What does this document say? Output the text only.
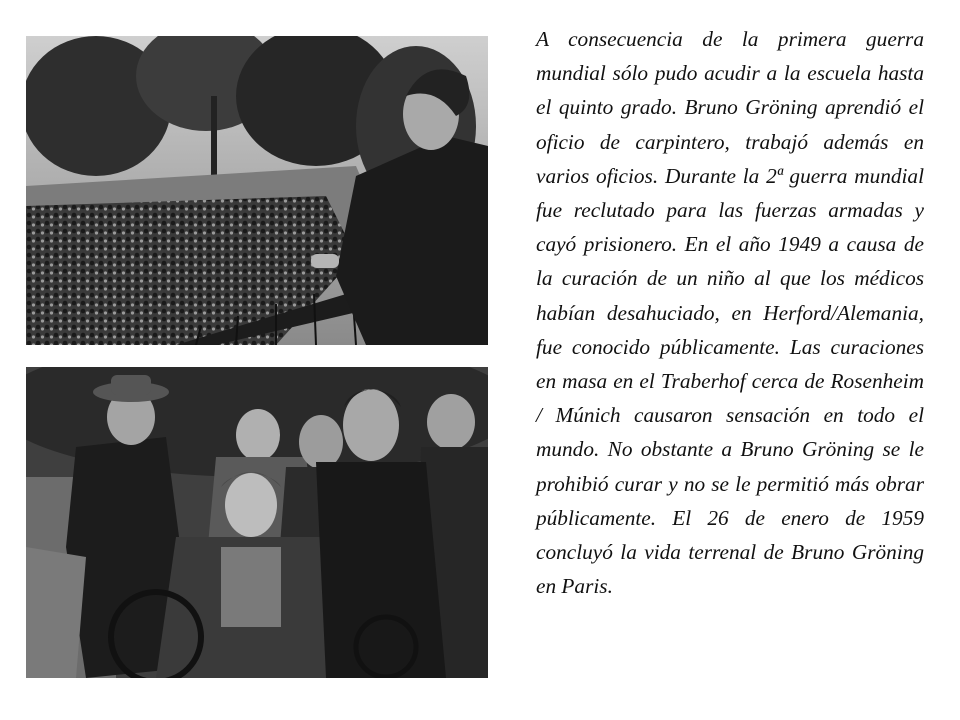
A consecuencia de la primera guerra mundial sólo pudo acudir a la escuela hasta el quinto grado. Bruno Gröning aprendió el oficio de carpintero, trabajó además en varios oficios. Durante la 2ª guerra mundial fue reclutado para las fuerzas armadas y cayó prisionero. En el año 1949 a causa de la curación de un niño al que los médicos habían desahuciado, en Herford/Alemania, fue conocido públicamente. Las curaciones en masa en el Traberhof cerca de Rosenheim / Múnich causaron sensación en todo el mundo. No obstante a Bruno Gröning se le prohibió curar y no se le permitió más obrar públicamente. El 26 de enero de 1959 concluyó la vida terrenal de Bruno Gröning en Paris.
